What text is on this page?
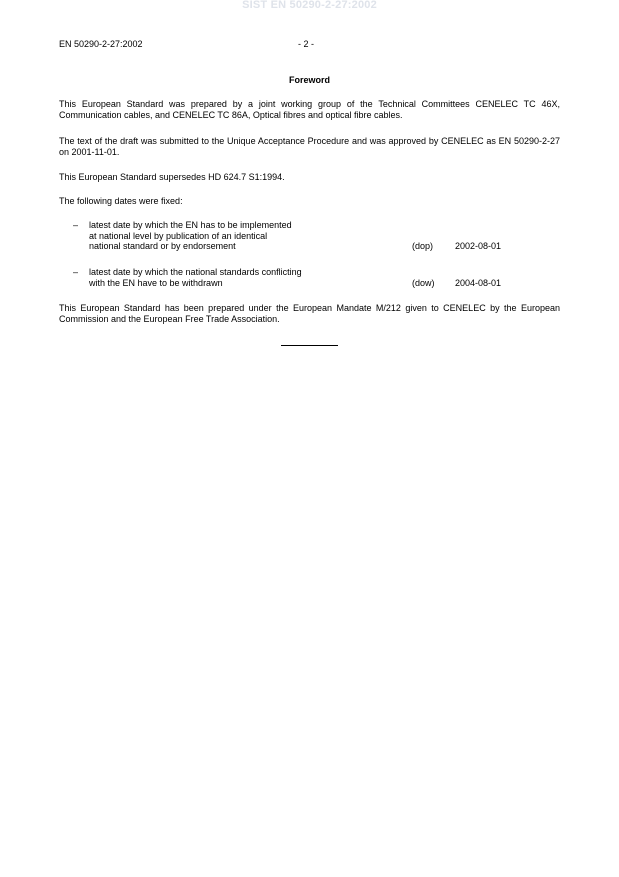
SIST EN 50290-2-27:2002
EN 50290-2-27:2002	- 2 -
Foreword

This European Standard was prepared by a joint working group of the Technical Committees CENELEC TC 46X, Communication cables, and CENELEC TC 86A, Optical fibres and optical fibre cables.

The text of the draft was submitted to the Unique Acceptance Procedure and was approved by CENELEC as EN 50290-2-27 on 2001-11-01.

This European Standard supersedes HD 624.7 S1:1994.

The following dates were fixed:

– latest date by which the EN has to be implemented
at national level by publication of an identical
national standard or by endorsement	(dop)	2002-08-01
– latest date by which the national standards conflicting
with the EN have to be withdrawn	(dow)	2004-08-01

This European Standard has been prepared under the European Mandate M/212 given to CENELEC by the European Commission and the European Free Trade Association.
